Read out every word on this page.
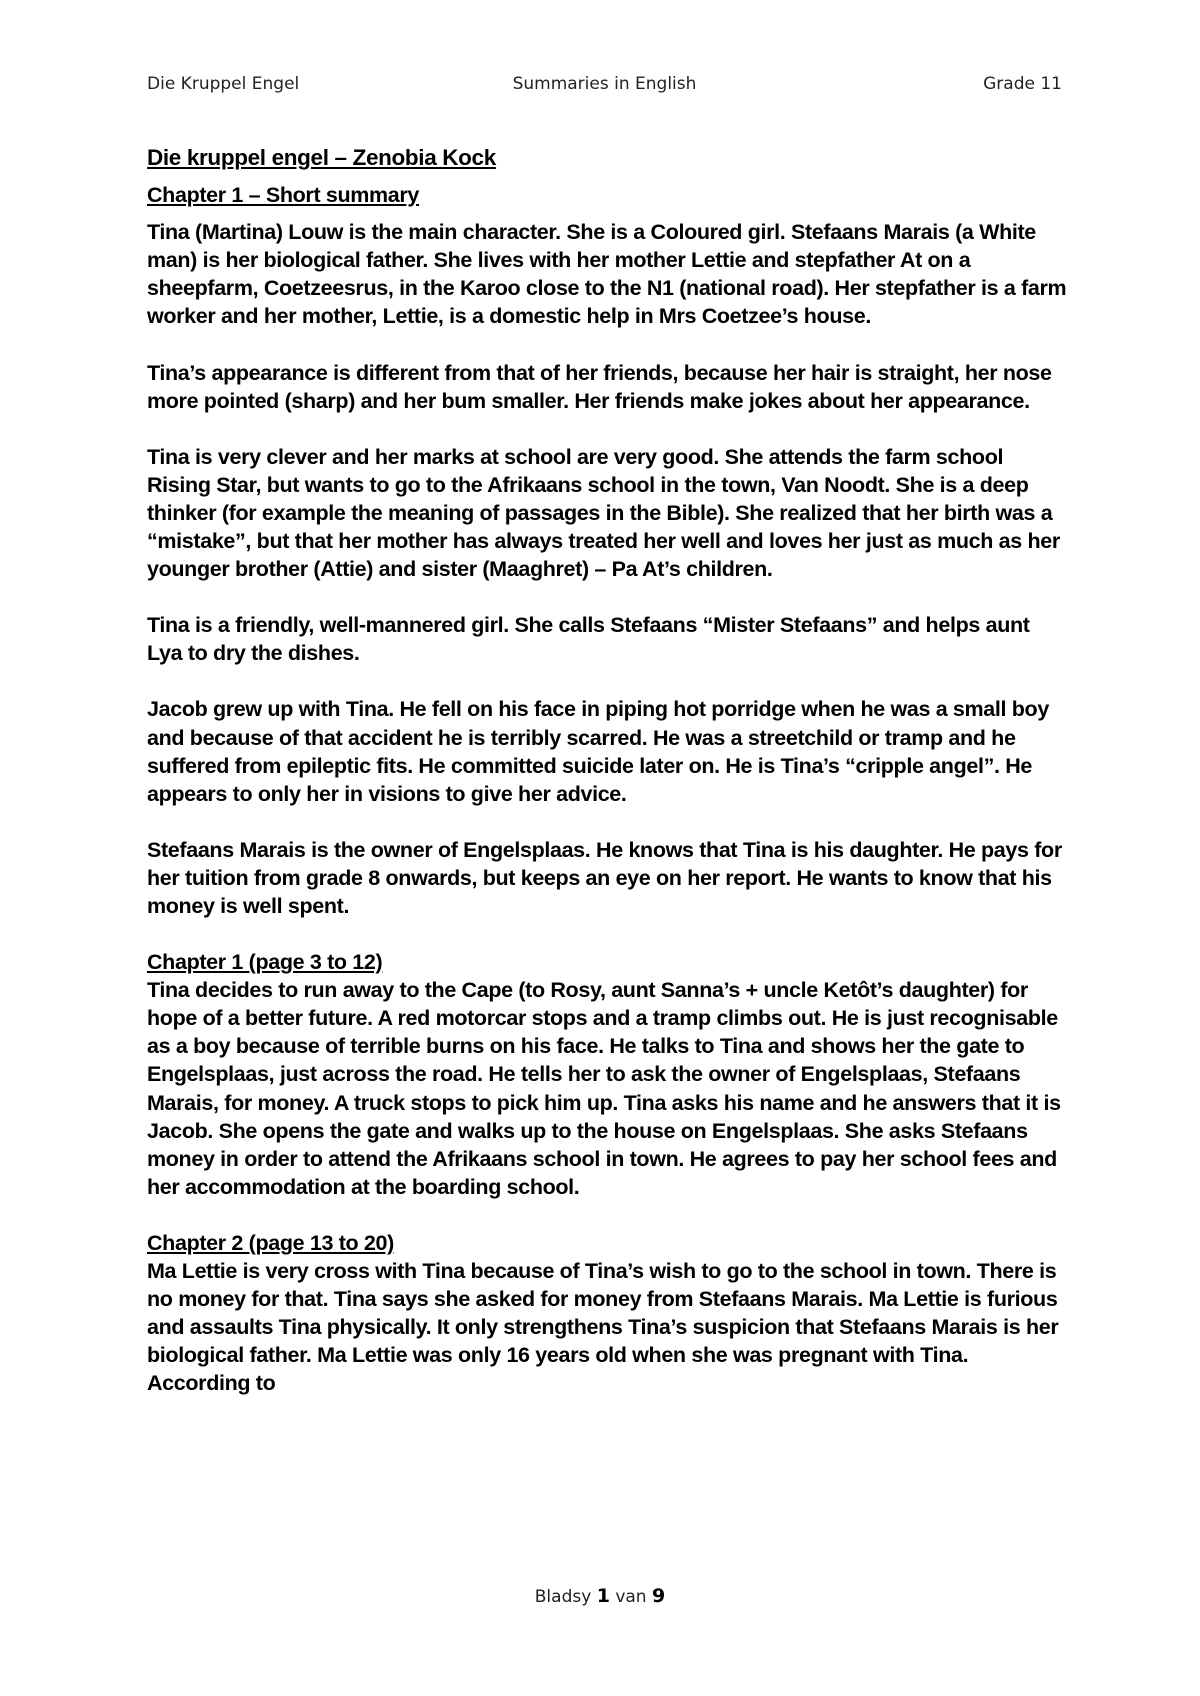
Die Kruppel Engel	Summaries in English	Grade 11

Die kruppel engel – Zenobia Kock

Chapter 1 – Short summary

Tina (Martina) Louw is the main character. She is a Coloured girl. Stefaans Marais (a White man) is her biological father. She lives with her mother Lettie and stepfather At on a sheepfarm, Coetzeesrus, in the Karoo close to the N1 (national road). Her stepfather is a farm worker and her mother, Lettie, is a domestic help in Mrs Coetzee’s house.

Tina’s appearance is different from that of her friends, because her hair is straight, her nose more pointed (sharp) and her bum smaller. Her friends make jokes about her appearance.

Tina is very clever and her marks at school are very good. She attends the farm school Rising Star, but wants to go to the Afrikaans school in the town, Van Noodt. She is a deep thinker (for example the meaning of passages in the Bible). She realized that her birth was a “mistake”, but that her mother has always treated her well and loves her just as much as her younger brother (Attie) and sister (Maaghret) – Pa At’s children.

Tina is a friendly, well-mannered girl. She calls Stefaans “Mister Stefaans” and helps aunt Lya to dry the dishes.

Jacob grew up with Tina. He fell on his face in piping hot porridge when he was a small boy and because of that accident he is terribly scarred. He was a streetchild or tramp and he suffered from epileptic fits. He committed suicide later on. He is Tina’s “cripple angel”. He appears to only her in visions to give her advice.

Stefaans Marais is the owner of Engelsplaas. He knows that Tina is his daughter. He pays for her tuition from grade 8 onwards, but keeps an eye on her report. He wants to know that his money is well spent.

Chapter 1 (page 3 to 12)

Tina decides to run away to the Cape (to Rosy, aunt Sanna’s + uncle Ketôt’s daughter) for hope of a better future. A red motorcar stops and a tramp climbs out. He is just recognisable as a boy because of terrible burns on his face. He talks to Tina and shows her the gate to Engelsplaas, just across the road. He tells her to ask the owner of Engelsplaas, Stefaans Marais, for money. A truck stops to pick him up. Tina asks his name and he answers that it is Jacob. She opens the gate and walks up to the house on Engelsplaas. She asks Stefaans money in order to attend the Afrikaans school in town. He agrees to pay her school fees and her accommodation at the boarding school.

Chapter 2 (page 13 to 20)

Ma Lettie is very cross with Tina because of Tina’s wish to go to the school in town. There is no money for that. Tina says she asked for money from Stefaans Marais. Ma Lettie is furious and assaults Tina physically. It only strengthens Tina’s suspicion that Stefaans Marais is her biological father. Ma Lettie was only 16 years old when she was pregnant with Tina. According to

Bladsy 1 van 9
